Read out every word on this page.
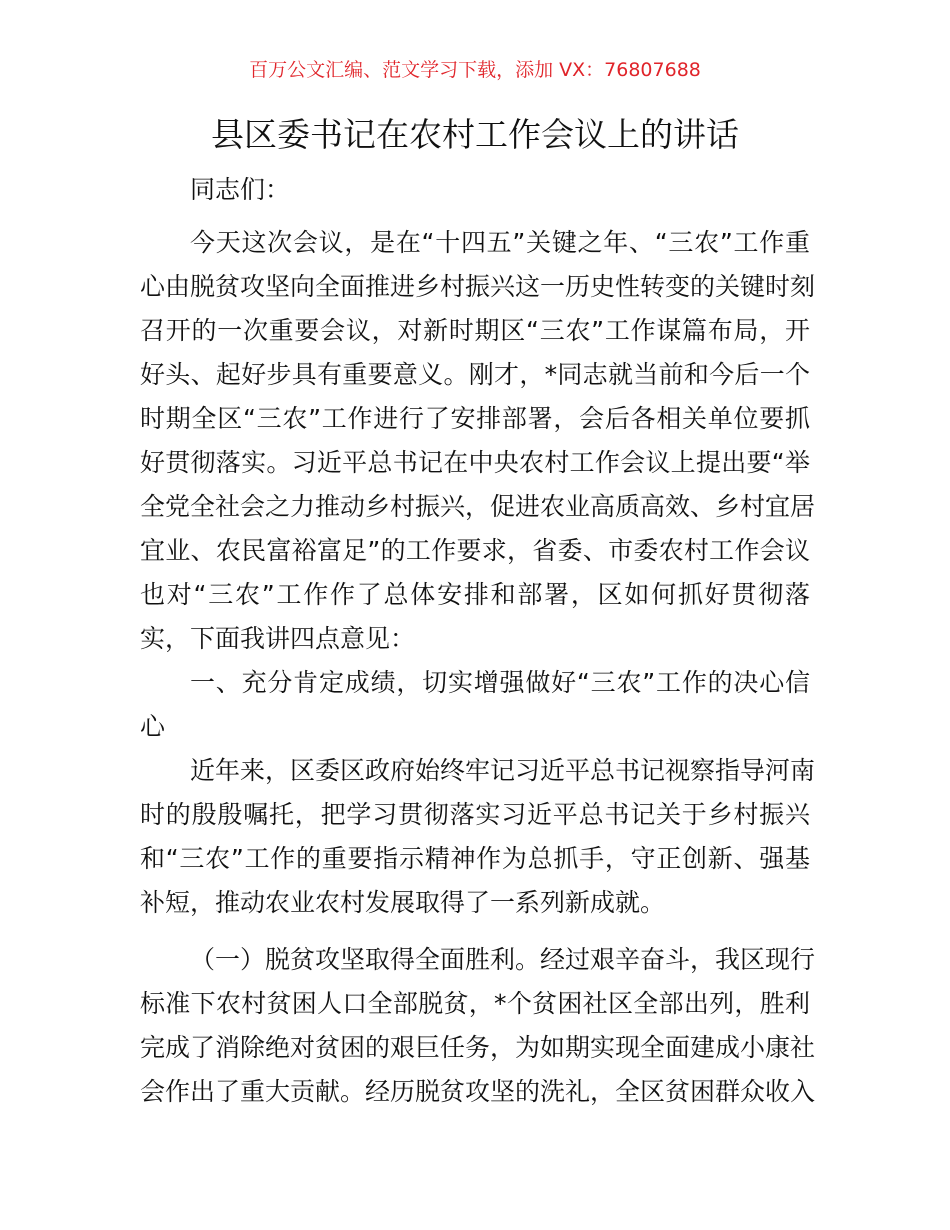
百万公文汇编、范文学习下载，添加 VX：76807688
县区委书记在农村工作会议上的讲话
同志们：
今天这次会议，是在“十四五”关键之年、“三农”工作重
心由脱贫攻坚向全面推进乡村振兴这一历史性转变的关键时刻
召开的一次重要会议，对新时期区“三农”工作谋篇布局，开
好头、起好步具有重要意义。刚才，*同志就当前和今后一个
时期全区“三农”工作进行了安排部署，会后各相关单位要抓
好贯彻落实。习近平总书记在中央农村工作会议上提出要“举
全党全社会之力推动乡村振兴，促进农业高质高效、乡村宜居
宜业、农民富裕富足”的工作要求，省委、市委农村工作会议
也对“三农”工作作了总体安排和部署，区如何抓好贯彻落
实，下面我讲四点意见：
一、充分肯定成绩，切实增强做好“三农”工作的决心信
心
近年来，区委区政府始终牢记习近平总书记视察指导河南
时的殷殷嘱托，把学习贯彻落实习近平总书记关于乡村振兴
和“三农”工作的重要指示精神作为总抓手，守正创新、强基
补短，推动农业农村发展取得了一系列新成就。
（一）脱贫攻坚取得全面胜利。经过艰辛奋斗，我区现行
标准下农村贫困人口全部脱贫，*个贫困社区全部出列，胜利
完成了消除绝对贫困的艰巨任务，为如期实现全面建成小康社
会作出了重大贡献。经历脱贫攻坚的洗礼，全区贫困群众收入
